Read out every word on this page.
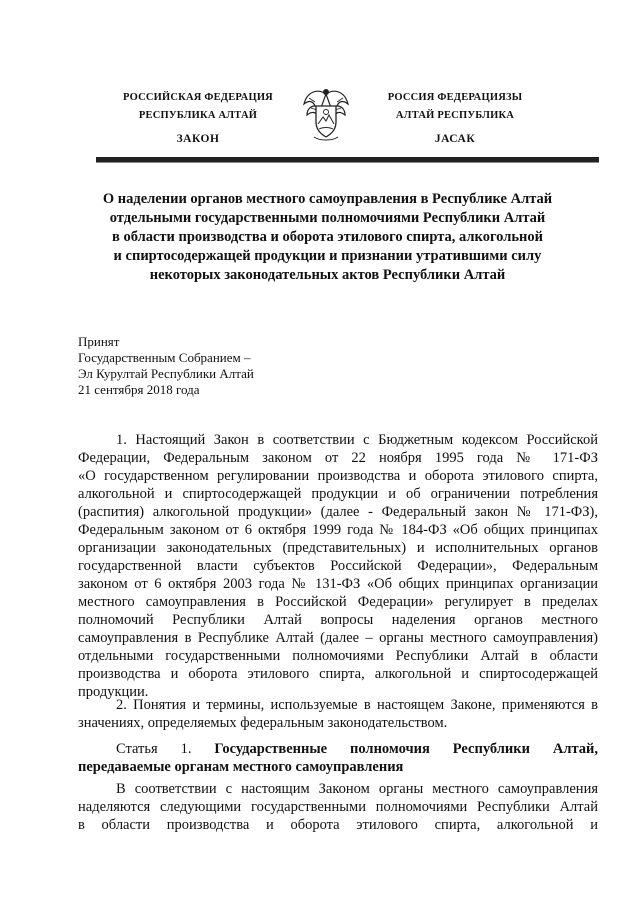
РОССИЙСКАЯ ФЕДЕРАЦИЯ
РЕСПУБЛИКА АЛТАЙ
ЗАКОН
РОССИЯ ФЕДЕРАЦИЯЗЫ
АЛТАЙ РЕСПУБЛИКА
JАСАК
О наделении органов местного самоуправления в Республике Алтай
отдельными государственными полномочиями Республики Алтай
в области производства и оборота этилового спирта, алкогольной
и спиртосодержащей продукции и признании утратившими силу
некоторых законодательных актов Республики Алтай
Принят
Государственным Собранием –
Эл Курултай Республики Алтай
21 сентября 2018 года
1. Настоящий Закон в соответствии с Бюджетным кодексом Российской
Федерации, Федеральным законом от 22 ноября 1995 года № 171-ФЗ
«О государственном регулировании производства и оборота этилового спирта,
алкогольной и спиртосодержащей продукции и об ограничении потребления
(распития) алкогольной продукции» (далее - Федеральный закон № 171-ФЗ),
Федеральным законом от 6 октября 1999 года № 184-ФЗ «Об общих принципах
организации законодательных (представительных) и исполнительных органов
государственной власти субъектов Российской Федерации», Федеральным
законом от 6 октября 2003 года № 131-ФЗ «Об общих принципах организации
местного самоуправления в Российской Федерации» регулирует в пределах
полномочий Республики Алтай вопросы наделения органов местного
самоуправления в Республике Алтай (далее – органы местного самоуправления)
отдельными государственными полномочиями Республики Алтай в области
производства и оборота этилового спирта, алкогольной и спиртосодержащей
продукции.
2. Понятия и термины, используемые в настоящем Законе, применяются в
значениях, определяемых федеральным законодательством.
Статья 1. Государственные полномочия Республики Алтай,
передаваемые органам местного самоуправления
В соответствии с настоящим Законом органы местного самоуправления
наделяются следующими государственными полномочиями Республики Алтай
в области производства и оборота этилового спирта, алкогольной и
